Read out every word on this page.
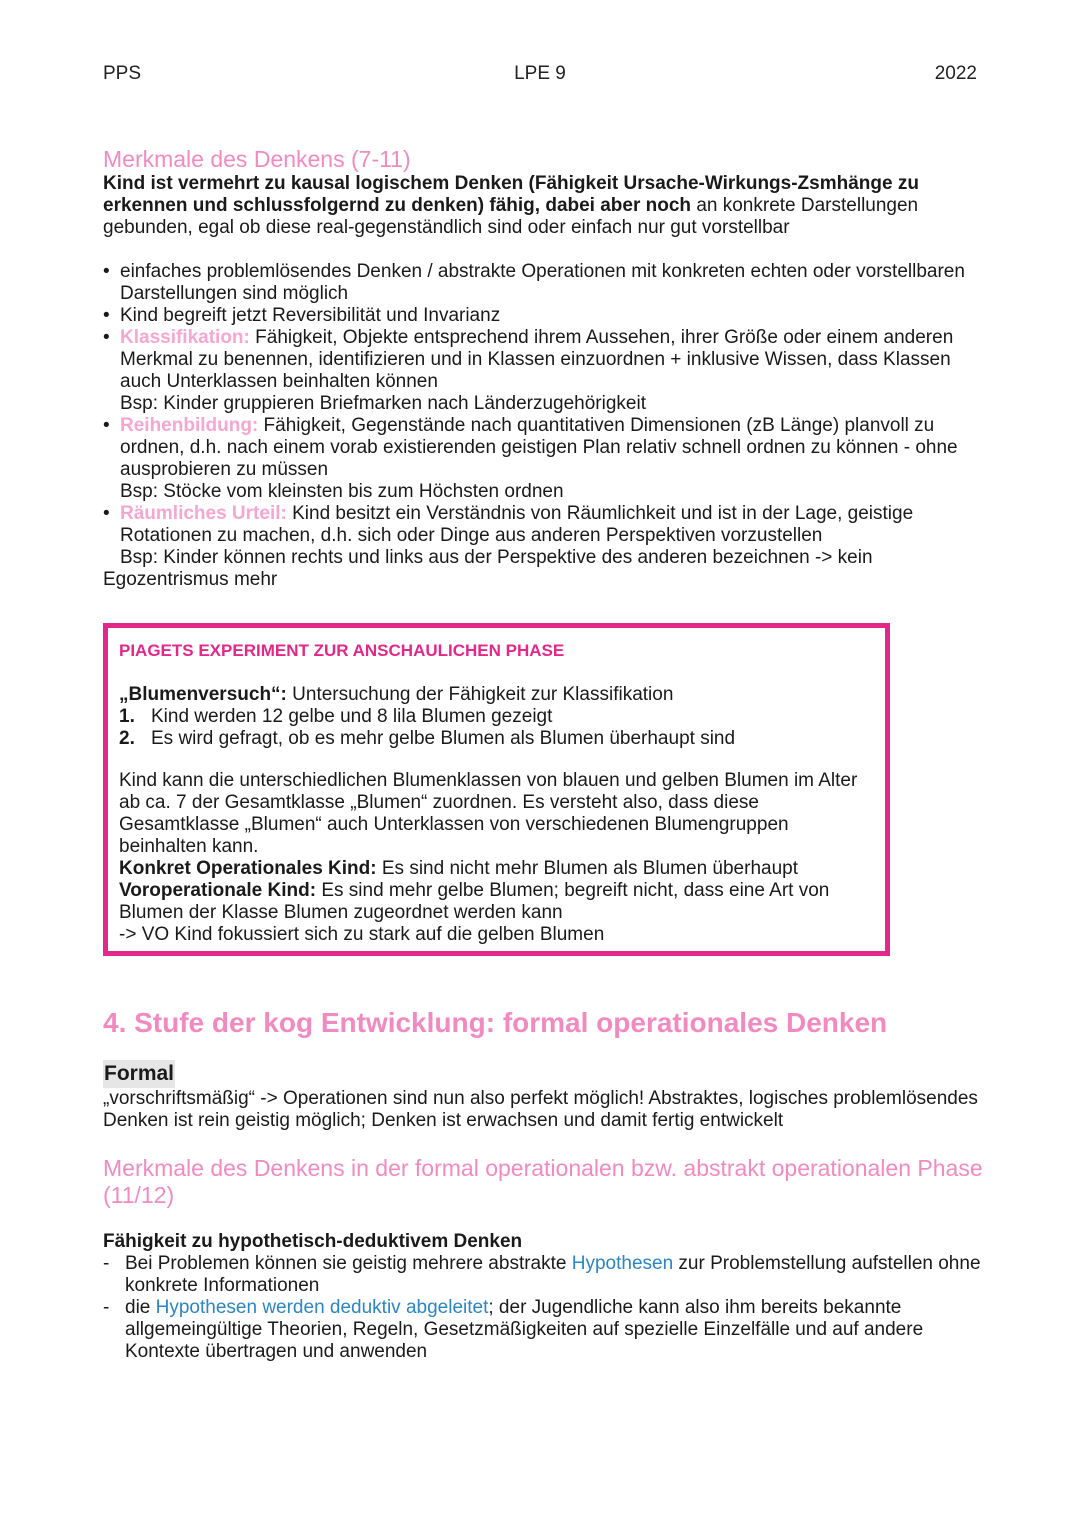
PPS	LPE 9	2022
Merkmale des Denkens (7-11)

Kind ist vermehrt zu kausal logischem Denken (Fähigkeit Ursache-Wirkungs-Zsmhänge zu erkennen und schlussfolgernd zu denken) fähig, dabei aber noch an konkrete Darstellungen gebunden, egal ob diese real-gegenständlich sind oder einfach nur gut vorstellbar

• einfaches problemlösendes Denken / abstrakte Operationen mit konkreten echten oder vorstellbaren Darstellungen sind möglich
• Kind begreift jetzt Reversibilität und Invarianz
• Klassifikation: Fähigkeit, Objekte entsprechend ihrem Aussehen, ihrer Größe oder einem anderen Merkmal zu benennen, identifizieren und in Klassen einzuordnen + inklusive Wissen, dass Klassen auch Unterklassen beinhalten können
Bsp: Kinder gruppieren Briefmarken nach Länderzugehörigkeit
• Reihenbildung: Fähigkeit, Gegenstände nach quantitativen Dimensionen (zB Länge) planvoll zu ordnen, d.h. nach einem vorab existierenden geistigen Plan relativ schnell ordnen zu können - ohne ausprobieren zu müssen
Bsp: Stöcke vom kleinsten bis zum Höchsten ordnen
• Räumliches Urteil: Kind besitzt ein Verständnis von Räumlichkeit und ist in der Lage, geistige Rotationen zu machen, d.h. sich oder Dinge aus anderen Perspektiven vorzustellen
Bsp: Kinder können rechts und links aus der Perspektive des anderen bezeichnen -> kein

Egozentrismus mehr

PIAGETS EXPERIMENT ZUR ANSCHAULICHEN PHASE

„Blumenversuch“: Untersuchung der Fähigkeit zur Klassifikation

1. Kind werden 12 gelbe und 8 lila Blumen gezeigt

2. Es wird gefragt, ob es mehr gelbe Blumen als Blumen überhaupt sind

Kind kann die unterschiedlichen Blumenklassen von blauen und gelben Blumen im Alter ab ca. 7 der Gesamtklasse „Blumen“ zuordnen. Es versteht also, dass diese Gesamtklasse „Blumen“ auch Unterklassen von verschiedenen Blumengruppen beinhalten kann.

Konkret Operationales Kind: Es sind nicht mehr Blumen als Blumen überhaupt

Voroperationale Kind: Es sind mehr gelbe Blumen; begreift nicht, dass eine Art von Blumen der Klasse Blumen zugeordnet werden kann

-> VO Kind fokussiert sich zu stark auf die gelben Blumen

4. Stufe der kog Entwicklung: formal operationales Denken
Formal

„vorschriftsmäßig“ -> Operationen sind nun also perfekt möglich! Abstraktes, logisches problemlösendes Denken ist rein geistig möglich; Denken ist erwachsen und damit fertig entwickelt

Merkmale des Denkens in der formal operationalen bzw. abstrakt operationalen Phase (11/12)

Fähigkeit zu hypothetisch-deduktivem Denken

- Bei Problemen können sie geistig mehrere abstrakte Hypothesen zur Problemstellung aufstellen ohne konkrete Informationen
- die Hypothesen werden deduktiv abgeleitet; der Jugendliche kann also ihm bereits bekannte allgemeingültige Theorien, Regeln, Gesetzmäßigkeiten auf spezielle Einzelfälle und auf andere Kontexte übertragen und anwenden
